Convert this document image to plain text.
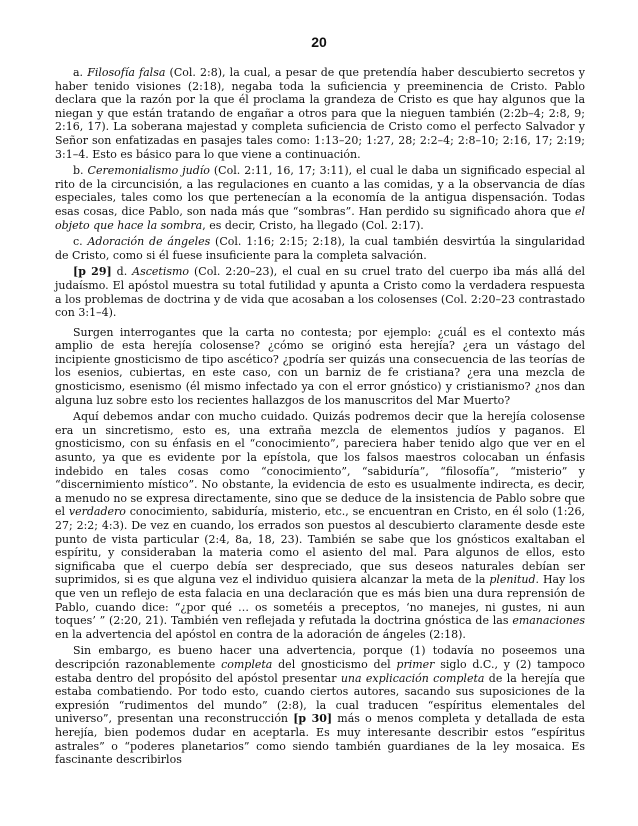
20

a. Filosofía falsa (Col. 2:8), la cual, a pesar de que pretendía haber descubierto secretos y haber tenido visiones (2:18), negaba toda la suficiencia y preeminencia de Cristo. Pablo declara que la razón por la que él proclama la grandeza de Cristo es que hay algunos que la niegan y que están tratando de engañar a otros para que la nieguen también (2:2b–4; 2:8, 9; 2:16, 17). La soberana majestad y completa suficiencia de Cristo como el perfecto Salvador y Señor son enfatizadas en pasajes tales como: 1:13–20; 1:27, 28; 2:2–4; 2:8–10; 2:16, 17; 2:19; 3:1–4. Esto es básico para lo que viene a continuación.

b. Ceremonialismo judío (Col. 2:11, 16, 17; 3:11), el cual le daba un significado especial al rito de la circuncisión, a las regulaciones en cuanto a las comidas, y a la observancia de días especiales, tales como los que pertenecían a la economía de la antigua dispensación. Todas esas cosas, dice Pablo, son nada más que “sombras”. Han perdido su significado ahora que el objeto que hace la sombra, es decir, Cristo, ha llegado (Col. 2:17).

c. Adoración de ángeles (Col. 1:16; 2:15; 2:18), la cual también desvirtúa la singularidad de Cristo, como si él fuese insuficiente para la completa salvación.

[p 29] d. Ascetismo (Col. 2:20–23), el cual en su cruel trato del cuerpo iba más allá del judaísmo. El apóstol muestra su total futilidad y apunta a Cristo como la verdadera respuesta a los problemas de doctrina y de vida que acosaban a los colosenses (Col. 2:20–23 contrastado con 3:1–4).

Surgen interrogantes que la carta no contesta; por ejemplo: ¿cuál es el contexto más amplio de esta herejía colosense? ¿cómo se originó esta herejía? ¿era un vástago del incipiente gnosticismo de tipo ascético? ¿podría ser quizás una consecuencia de las teorías de los esenios, cubiertas, en este caso, con un barniz de fe cristiana? ¿era una mezcla de gnosticismo, esenismo (él mismo infectado ya con el error gnóstico) y cristianismo? ¿nos dan alguna luz sobre esto los recientes hallazgos de los manuscritos del Mar Muerto?

Aquí debemos andar con mucho cuidado. Quizás podremos decir que la herejía colosense era un sincretismo, esto es, una extraña mezcla de elementos judíos y paganos. El gnosticismo, con su énfasis en el “conocimiento”, pareciera haber tenido algo que ver en el asunto, ya que es evidente por la epístola, que los falsos maestros colocaban un énfasis indebido en tales cosas como “conocimiento”, “sabiduría”, “filosofía”, “misterio” y “discernimiento místico”. No obstante, la evidencia de esto es usualmente indirecta, es decir, a menudo no se expresa directamente, sino que se deduce de la insistencia de Pablo sobre que el verdadero conocimiento, sabiduría, misterio, etc., se encuentran en Cristo, en él solo (1:26, 27; 2:2; 4:3). De vez en cuando, los errados son puestos al descubierto claramente desde este punto de vista particular (2:4, 8a, 18, 23). También se sabe que los gnósticos exaltaban el espíritu, y consideraban la materia como el asiento del mal. Para algunos de ellos, esto significaba que el cuerpo debía ser despreciado, que sus deseos naturales debían ser suprimidos, si es que alguna vez el individuo quisiera alcanzar la meta de la plenitud. Hay los que ven un reflejo de esta falacia en una declaración que es más bien una dura reprensión de Pablo, cuando dice: “¿por qué … os sometéis a preceptos, ‘no manejes, ni gustes, ni aun toques’ ” (2:20, 21). También ven reflejada y refutada la doctrina gnóstica de las emanaciones en la advertencia del apóstol en contra de la adoración de ángeles (2:18).

Sin embargo, es bueno hacer una advertencia, porque (1) todavía no poseemos una descripción razonablemente completa del gnosticismo del primer siglo d.C., y (2) tampoco estaba dentro del propósito del apóstol presentar una explicación completa de la herejía que estaba combatiendo. Por todo esto, cuando ciertos autores, sacando sus suposiciones de la expresión “rudimentos del mundo” (2:8), la cual traducen “espíritus elementales del universo”, presentan una reconstrucción [p 30] más o menos completa y detallada de esta herejía, bien podemos dudar en aceptarla. Es muy interesante describir estos “espíritus astrales” o “poderes planetarios” como siendo también guardianes de la ley mosaica. Es fascinante describirlos
